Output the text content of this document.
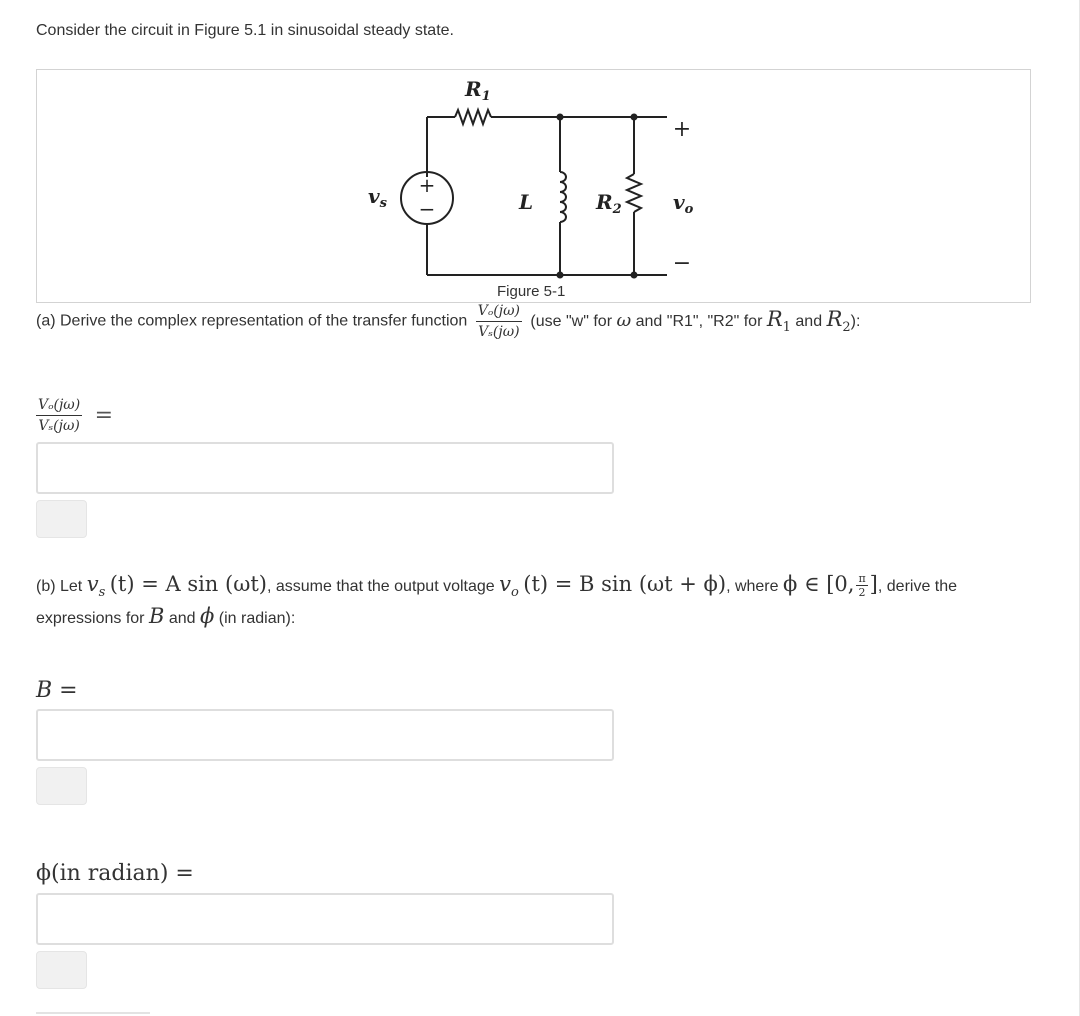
Consider the circuit in Figure 5.1 in sinusoidal steady state.
+
−
+
−
$R_1$
L	$R_2$
$v_s$	$v_o$
Figure 5-1
(a) Derive the complex representation of the transfer function $\frac{\text{Vₒ(jω)}}{\text{Vₛ(jω)}} (use$ "w" for ω and "R1", "R2" for $R_1$ and $R_2$):
$\frac{\text{Vₒ(jω)}}{\text{Vₛ(jω)}}$ =
(b) Let $v_s$ (t) = A sin (ωt), assume that the output voltage $v_o$ (t) = B sin (ωt + ϕ), where ϕ ∈ [0, $\frac{\pi}{2}$ ], derive the
expressions for B and ϕ (in radian):
B =
ϕ(in radian) =
